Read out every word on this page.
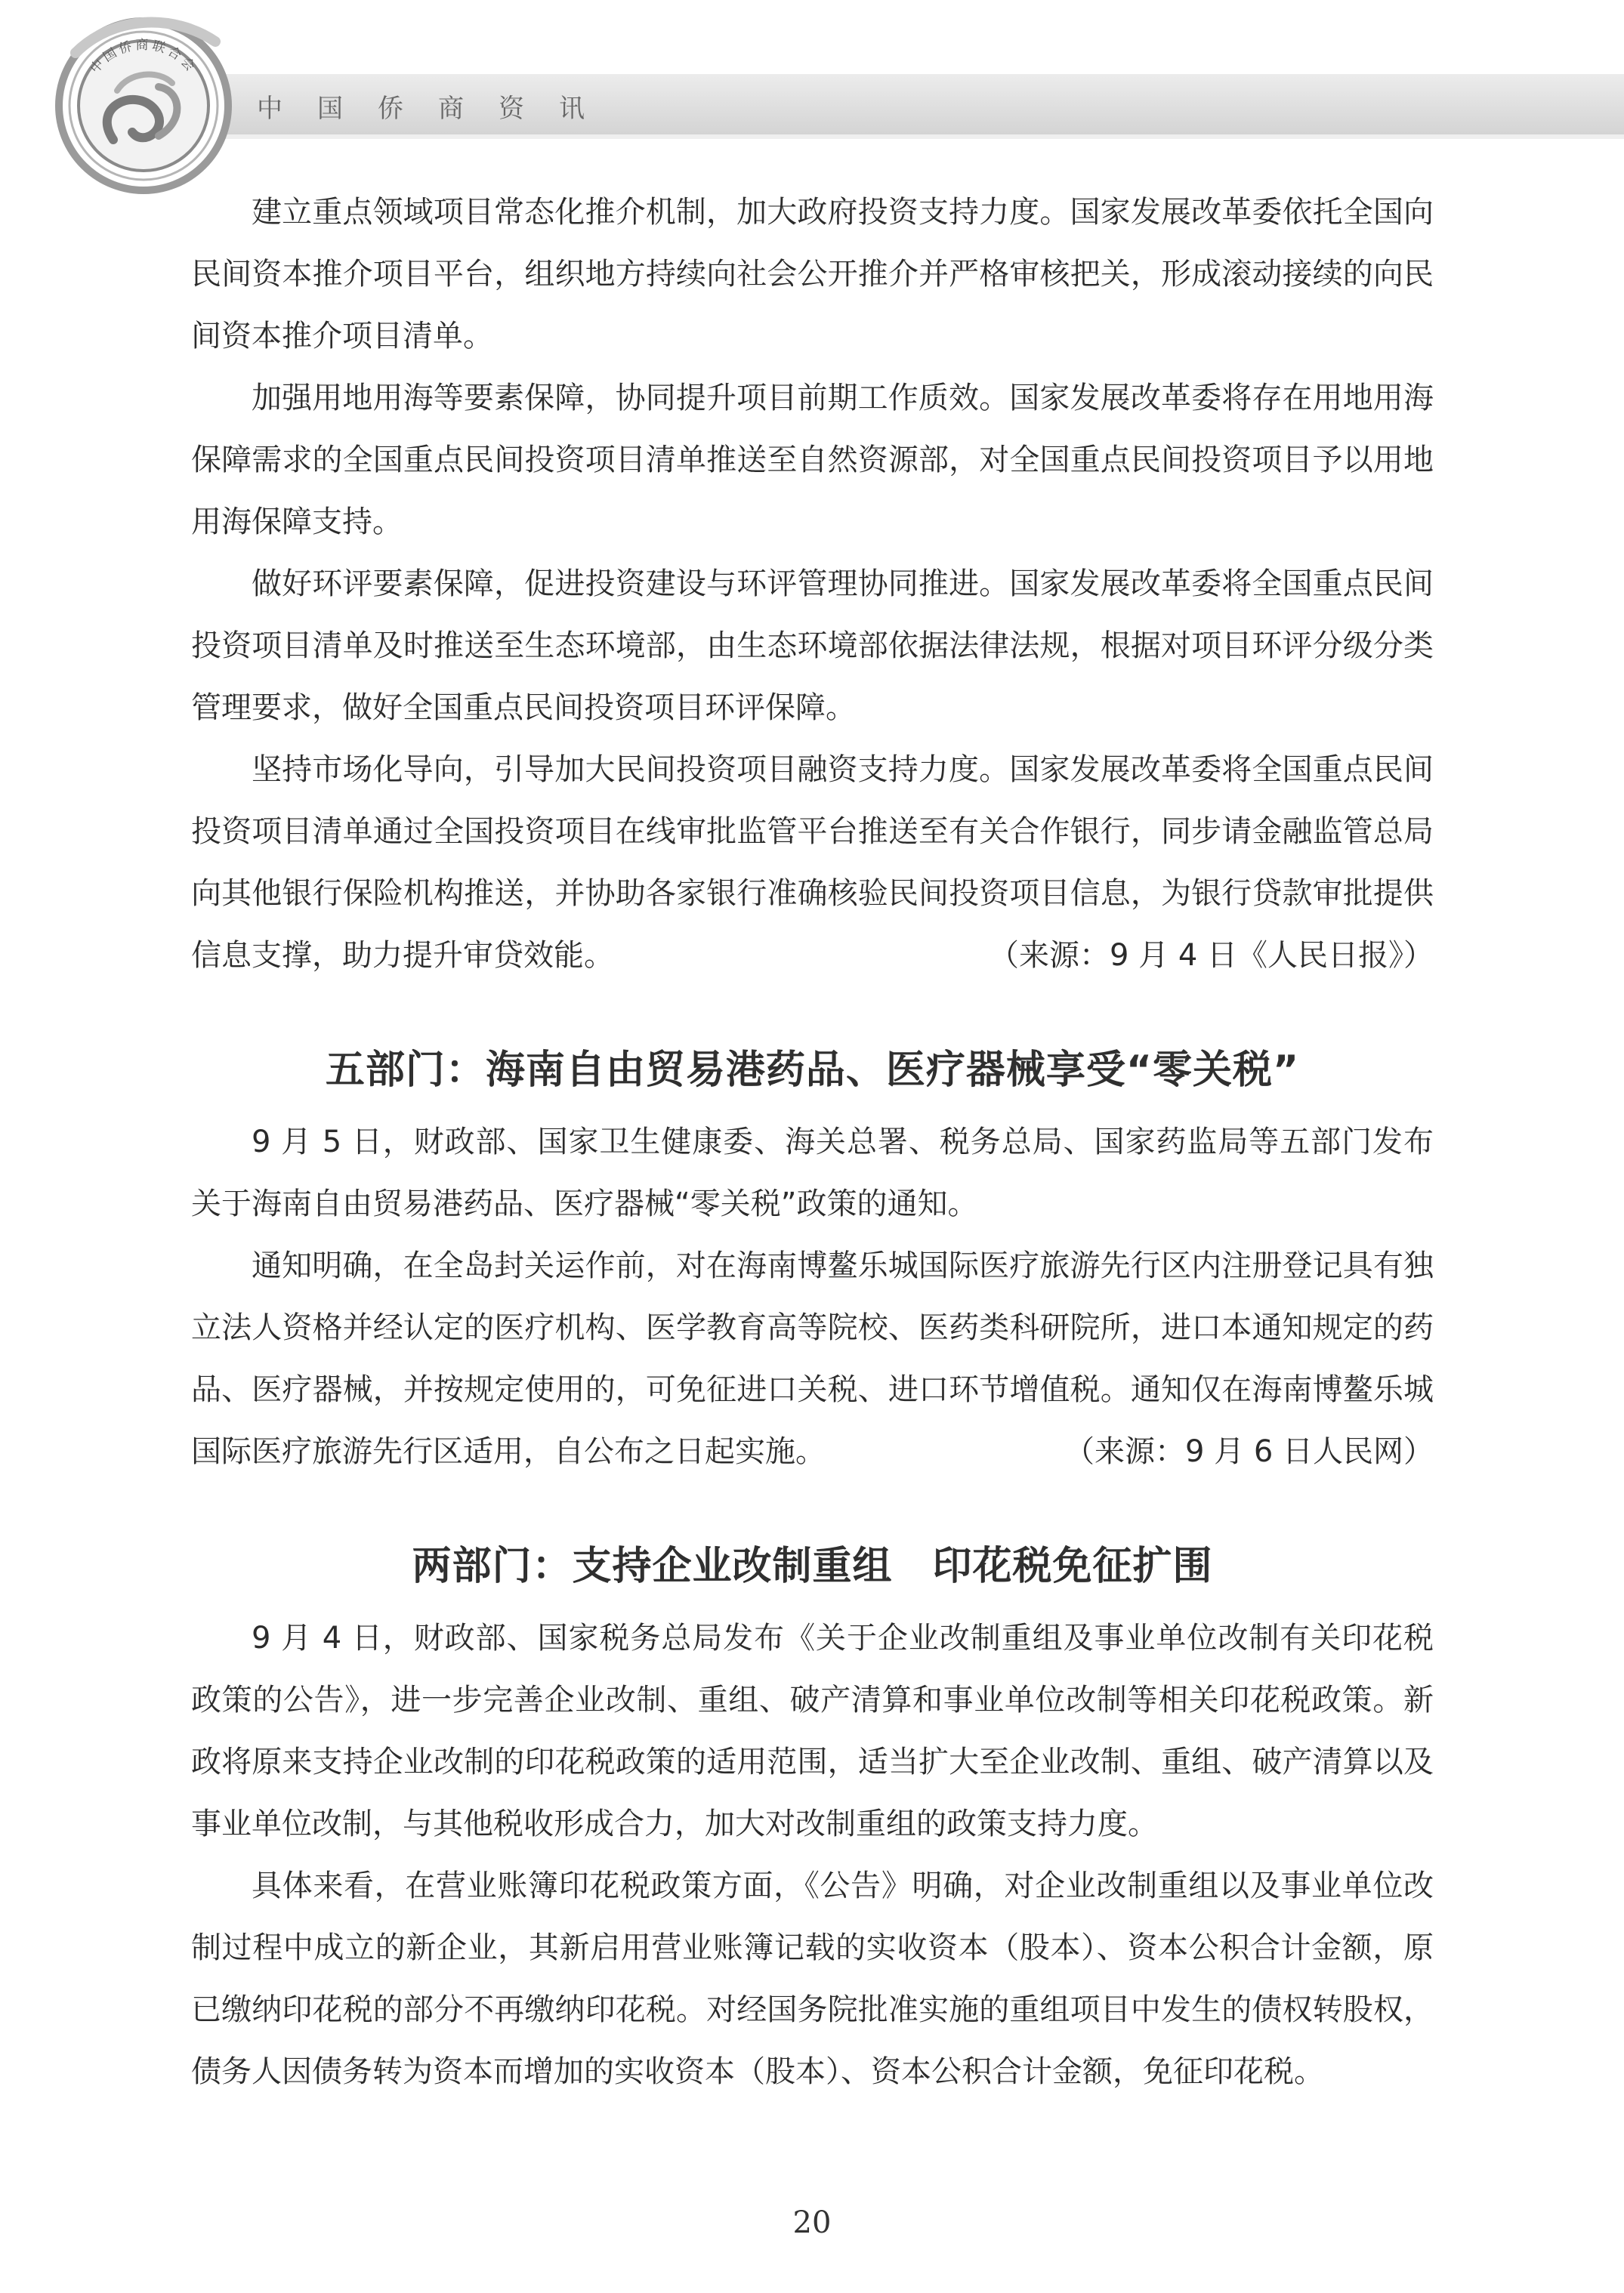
中国侨商资讯
中国侨商联合会

建立重点领域项目常态化推介机制，加大政府投资支持力度。国家发展改革委依托全国向民间资本推介项目平台，组织地方持续向社会公开推介并严格审核把关，形成滚动接续的向民间资本推介项目清单。

加强用地用海等要素保障，协同提升项目前期工作质效。国家发展改革委将存在用地用海保障需求的全国重点民间投资项目清单推送至自然资源部，对全国重点民间投资项目予以用地用海保障支持。

做好环评要素保障，促进投资建设与环评管理协同推进。国家发展改革委将全国重点民间投资项目清单及时推送至生态环境部，由生态环境部依据法律法规，根据对项目环评分级分类管理要求，做好全国重点民间投资项目环评保障。

坚持市场化导向，引导加大民间投资项目融资支持力度。国家发展改革委将全国重点民间投资项目清单通过全国投资项目在线审批监管平台推送至有关合作银行，同步请金融监管总局向其他银行保险机构推送，并协助各家银行准确核验民间投资项目信息，为银行贷款审批提供信息支撑，助力提升审贷效能。	（来源：9 月 4 日《人民日报》）

五部门：海南自由贸易港药品、医疗器械享受“零关税”

9 月 5 日，财政部、国家卫生健康委、海关总署、税务总局、国家药监局等五部门发布关于海南自由贸易港药品、医疗器械“零关税”政策的通知。

通知明确，在全岛封关运作前，对在海南博鳌乐城国际医疗旅游先行区内注册登记具有独立法人资格并经认定的医疗机构、医学教育高等院校、医药类科研院所，进口本通知规定的药品、医疗器械，并按规定使用的，可免征进口关税、进口环节增值税。通知仅在海南博鳌乐城国际医疗旅游先行区适用，自公布之日起实施。	（来源：9 月 6 日人民网）

两部门：支持企业改制重组　印花税免征扩围

9 月 4 日，财政部、国家税务总局发布《关于企业改制重组及事业单位改制有关印花税政策的公告》，进一步完善企业改制、重组、破产清算和事业单位改制等相关印花税政策。新政将原来支持企业改制的印花税政策的适用范围，适当扩大至企业改制、重组、破产清算以及事业单位改制，与其他税收形成合力，加大对改制重组的政策支持力度。

具体来看，在营业账簿印花税政策方面，《公告》明确，对企业改制重组以及事业单位改制过程中成立的新企业，其新启用营业账簿记载的实收资本（股本）、资本公积合计金额，原已缴纳印花税的部分不再缴纳印花税。对经国务院批准实施的重组项目中发生的债权转股权，债务人因债务转为资本而增加的实收资本（股本）、资本公积合计金额，免征印花税。

20
